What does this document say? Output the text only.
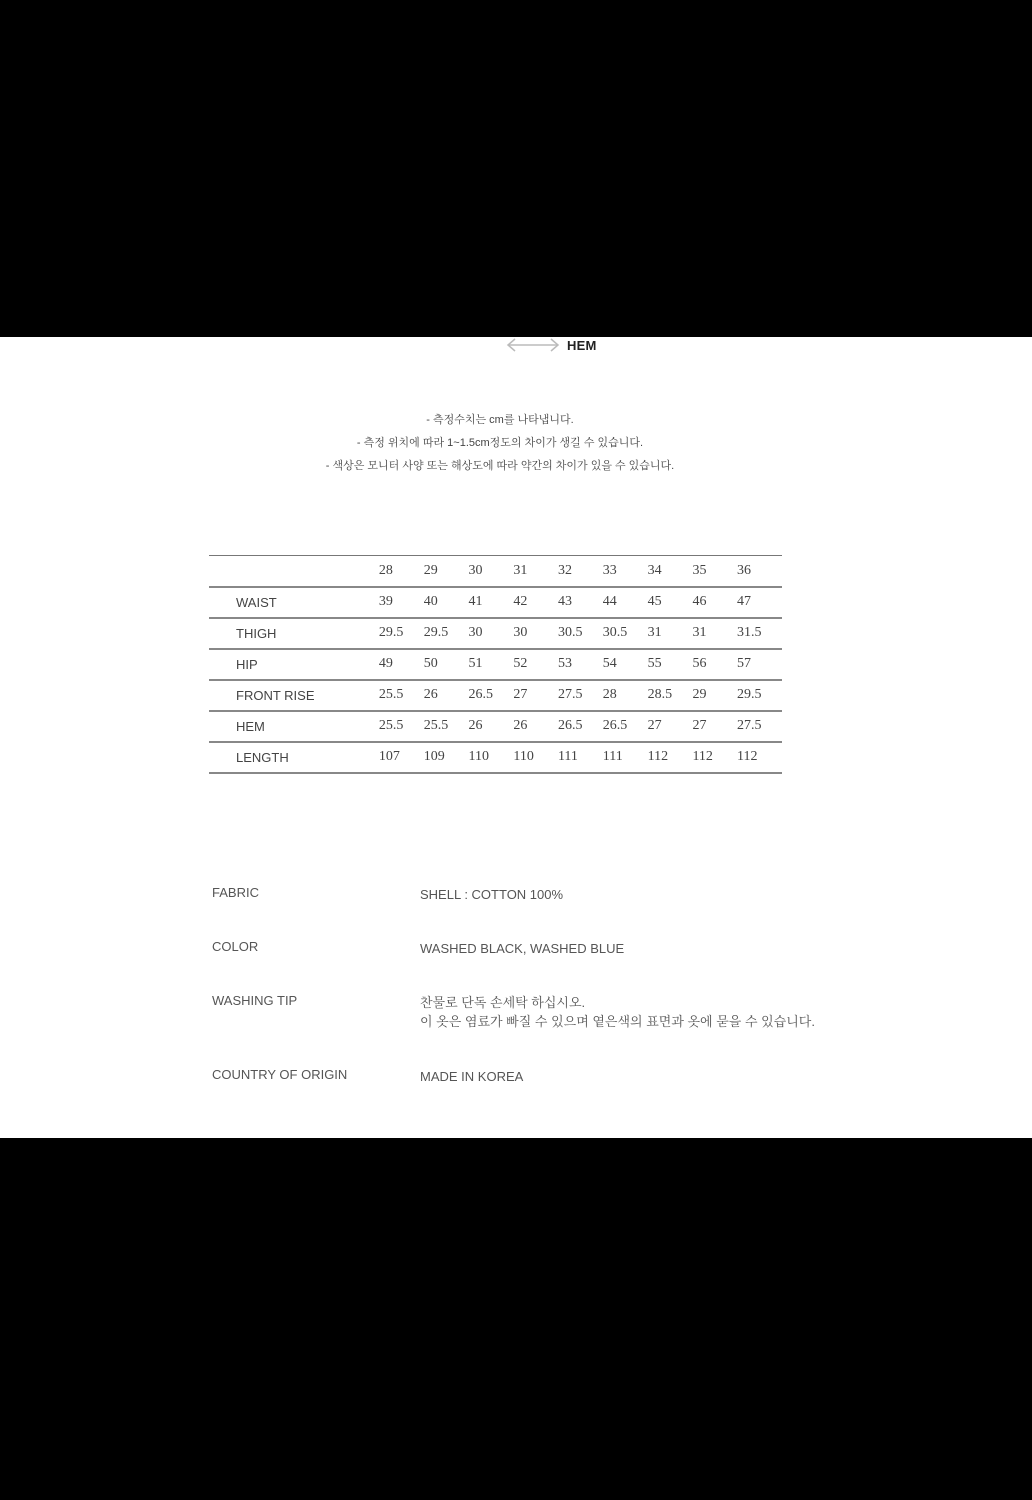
HEM
- 측정수치는 cm를 나타냅니다.
- 측정 위치에 따라 1~1.5cm정도의 차이가 생길 수 있습니다.
- 색상은 모니터 사양 또는 해상도에 따라 약간의 차이가 있을 수 있습니다.
	28	29	30	31	32	33	34	35	36
WAIST	39	40	41	42	43	44	45	46	47
THIGH	29.5	29.5	30	30	30.5	30.5	31	31	31.5
HIP	49	50	51	52	53	54	55	56	57
FRONT RISE	25.5	26	26.5	27	27.5	28	28.5	29	29.5
HEM	25.5	25.5	26	26	26.5	26.5	27	27	27.5
LENGTH	107	109	110	110	111	111	112	112	112
FABRIC	SHELL : COTTON 100%
COLOR	WASHED BLACK, WASHED BLUE
WASHING TIP	찬물로 단독 손세탁 하십시오.
이 옷은 염료가 빠질 수 있으며 옅은색의 표면과 옷에 묻을 수 있습니다.
COUNTRY OF ORIGIN	MADE IN KOREA
